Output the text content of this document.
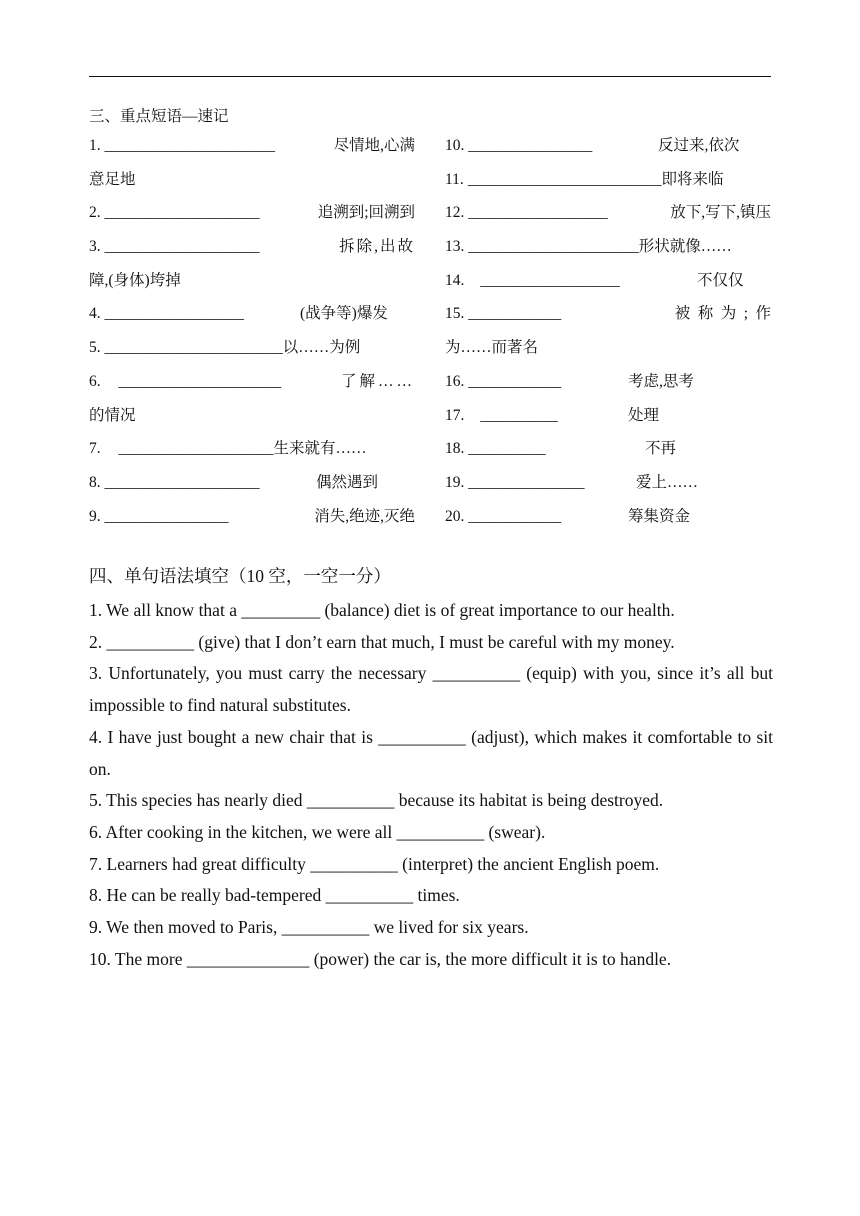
三、重点短语—速记
1. ______________________	尽情地,心满
意足地
2. ____________________	追溯到;回溯到
3. ____________________	拆除,出故
障,(身体)垮掉
4. __________________	(战争等)爆发
5. _______________________以……为例
6. _____________________	了解……
的情况
7. ____________________生来就有……
8. ____________________	偶然遇到
9. ________________	消失,绝迹,灭绝
10. ________________	反过来,依次
11. _________________________即将来临
12. __________________	放下,写下,镇压
13. ______________________形状就像……
14. __________________	不仅仅
15. ____________	被称为;作
为……而著名
16. ____________	考虑,思考
17. __________	处理
18. __________	不再
19. _______________	爱上……
20. ____________	筹集资金
四、单句语法填空（10 空，一空一分）

1. We all know that a _________ (balance) diet is of great importance to our health.

2. __________ (give) that I don’t earn that much, I must be careful with my money.

3. Unfortunately, you must carry the necessary __________ (equip) with you, since it’s all but impossible to find natural substitutes.

4. I have just bought a new chair that is __________ (adjust), which makes it comfortable to sit on.

5. This species has nearly died __________ because its habitat is being destroyed.

6. After cooking in the kitchen, we were all __________ (swear).

7. Learners had great difficulty __________ (interpret) the ancient English poem.

8. He can be really bad-tempered __________ times.

9. We then moved to Paris, __________ we lived for six years.

10. The more ______________ (power) the car is, the more difficult it is to handle.
